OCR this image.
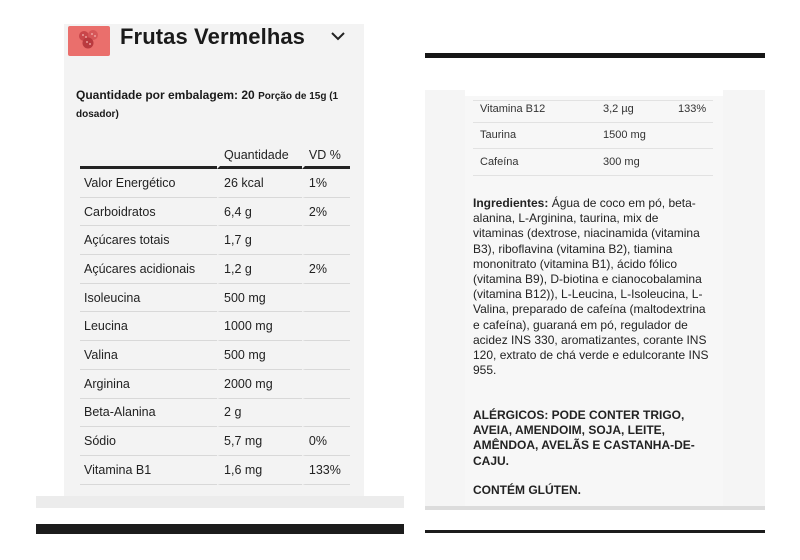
Frutas Vermelhas
Quantidade por embalagem: 20 Porção de 15g (1 dosador)
	Quantidade	VD %
Valor Energético	26 kcal	1%
Carboidratos	6,4 g	2%
Açúcares totais	1,7 g	
Açúcares acidionais	1,2 g	2%
Isoleucina	500 mg	
Leucina	1000 mg	
Valina	500 mg	
Arginina	2000 mg	
Beta-Alanina	2 g	
Sódio	5,7 mg	0%
Vitamina B1	1,6 mg	133%
Vitamina B12	3,2 µg	133%
Taurina	1500 mg	
Cafeína	300 mg	
Ingredientes: Água de coco em pó, beta-alanina, L-Arginina, taurina, mix de vitaminas (dextrose, niacinamida (vitamina B3), riboflavina (vitamina B2), tiamina mononitrato (vitamina B1), ácido fólico (vitamina B9), D-biotina e cianocobalamina (vitamina B12)), L-Leucina, L-Isoleucina, L-Valina, preparado de cafeína (maltodextrina e cafeína), guaraná em pó, regulador de acidez INS 330, aromatizantes, corante INS 120, extrato de chá verde e edulcorante INS 955.
ALÉRGICOS: PODE CONTER TRIGO, AVEIA, AMENDOIM, SOJA, LEITE, AMÊNDOA, AVELÃS E CASTANHA-DE-CAJU.
CONTÉM GLÚTEN.
